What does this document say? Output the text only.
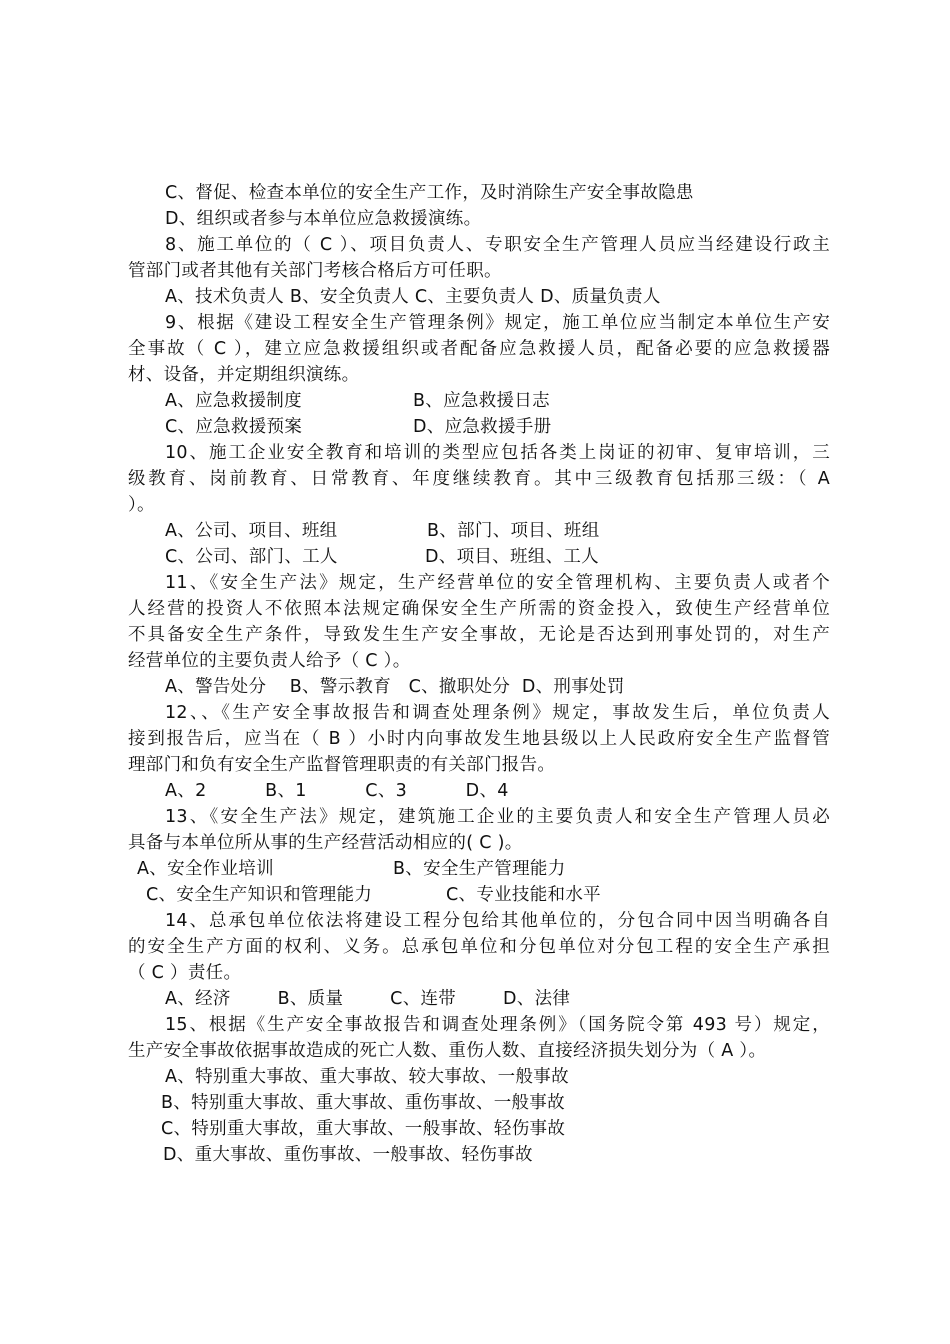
C、督促、检查本单位的安全生产工作，及时消除生产安全事故隐患
D、组织或者参与本单位应急救援演练。
8、施工单位的（ C ）、项目负责人、专职安全生产管理人员应当经建设行政主
管部门或者其他有关部门考核合格后方可任职。
A、技术负责人 B、安全负责人 C、主要负责人 D、质量负责人
9、根据《建设工程安全生产管理条例》规定，施工单位应当制定本单位生产安
全事故（ C ），建立应急救援组织或者配备应急救援人员，配备必要的应急救援器
材、设备，并定期组织演练。
A、应急救援制度	B、应急救援日志
C、应急救援预案	D、应急救援手册
10、施工企业安全教育和培训的类型应包括各类上岗证的初审、复审培训，三
级教育、岗前教育、日常教育、年度继续教育。其中三级教育包括那三级：（ A
）。
A、公司、项目、班组	B、部门、项目、班组
C、公司、部门、工人	D、项目、班组、工人
11、《安全生产法》规定，生产经营单位的安全管理机构、主要负责人或者个
人经营的投资人不依照本法规定确保安全生产所需的资金投入，致使生产经营单位
不具备安全生产条件，导致发生生产安全事故，无论是否达到刑事处罚的，对生产
经营单位的主要负责人给予（ C ）。
A、警告处分    B、警示教育   C、撤职处分  D、刑事处罚
12、、《生产安全事故报告和调查处理条例》规定，事故发生后，单位负责人
接到报告后，应当在（ B ）小时内向事故发生地县级以上人民政府安全生产监督管
理部门和负有安全生产监督管理职责的有关部门报告。
A、2          B、1          C、3          D、4
13、《安全生产法》规定，建筑施工企业的主要负责人和安全生产管理人员必
具备与本单位所从事的生产经营活动相应的( C )。
A、安全作业培训	B、安全生产管理能力
C、安全生产知识和管理能力	C、专业技能和水平
14、总承包单位依法将建设工程分包给其他单位的，分包合同中因当明确各自
的安全生产方面的权利、义务。总承包单位和分包单位对分包工程的安全生产承担
（ C ）责任。
A、经济        B、质量        C、连带        D、法律
15、根据《生产安全事故报告和调查处理条例》（国务院令第 493 号）规定，
生产安全事故依据事故造成的死亡人数、重伤人数、直接经济损失划分为（ A ）。
A、特别重大事故、重大事故、较大事故、一般事故
B、特别重大事故、重大事故、重伤事故、一般事故
C、特别重大事故，重大事故、一般事故、轻伤事故
D、重大事故、重伤事故、一般事故、轻伤事故
